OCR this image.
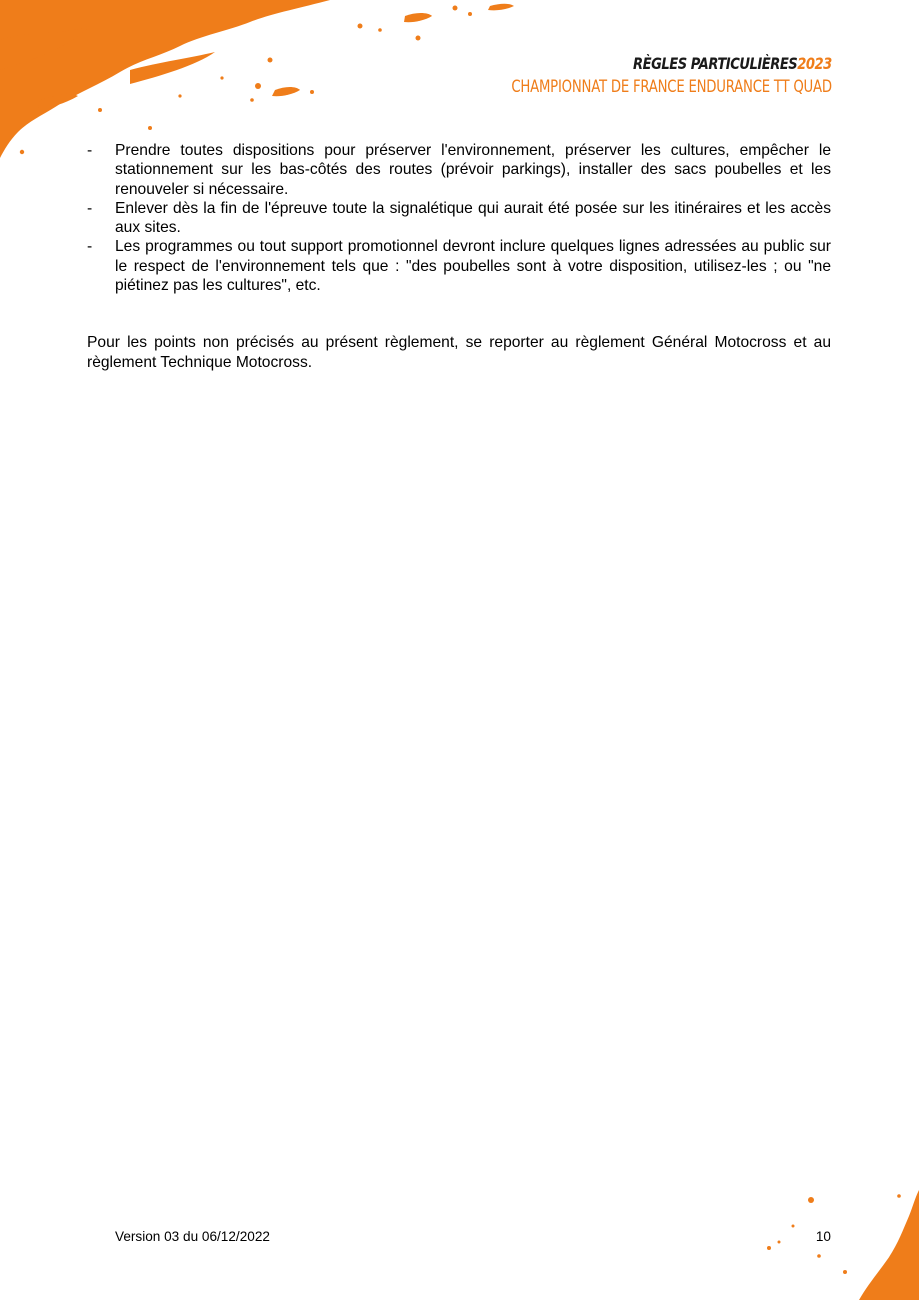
RÈGLES PARTICULIÈRES2023
CHAMPIONNAT DE FRANCE ENDURANCE TT QUAD
- Prendre toutes dispositions pour préserver l'environnement, préserver les cultures, empêcher le stationnement sur les bas-côtés des routes (prévoir parkings), installer des sacs poubelles et les renouveler si nécessaire.
- Enlever dès la fin de l'épreuve toute la signalétique qui aurait été posée sur les itinéraires et les accès aux sites.
- Les programmes ou tout support promotionnel devront inclure quelques lignes adressées au public sur le respect de l'environnement tels que : "des poubelles sont à votre disposition, utilisez-les ; ou "ne piétinez pas les cultures", etc.

Pour les points non précisés au présent règlement, se reporter au règlement Général Motocross et au règlement Technique Motocross.

Version 03 du 06/12/2022	10
